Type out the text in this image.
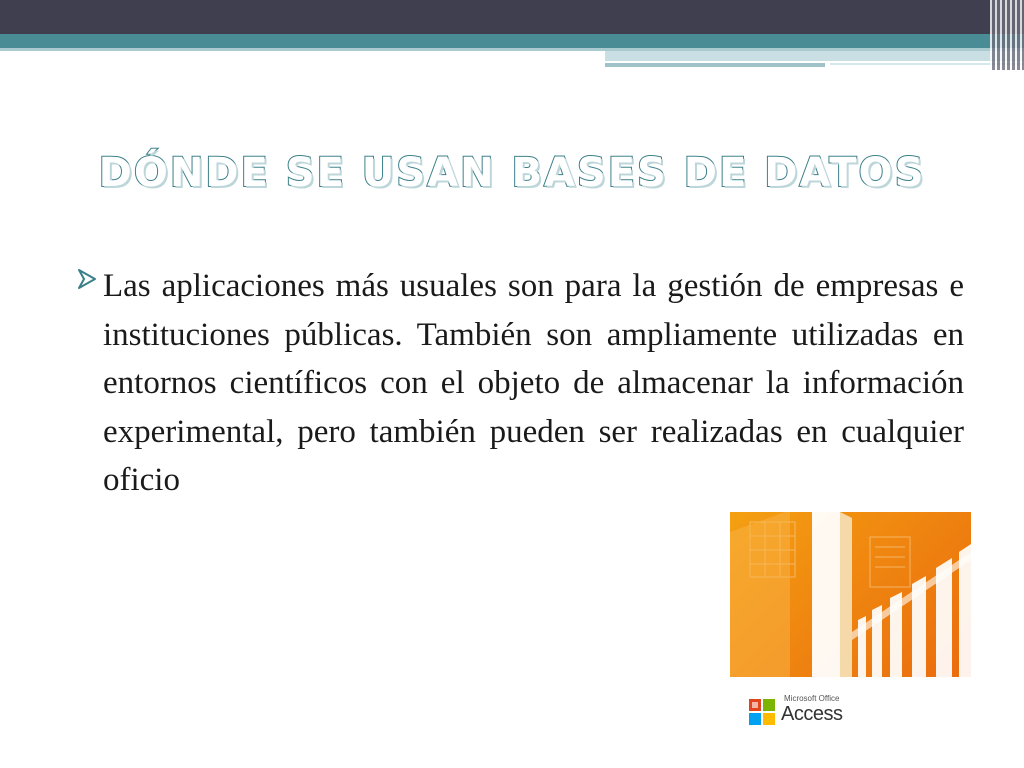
DÓNDE SE USAN BASES DE DATOS

Las aplicaciones más usuales son para la gestión de empresas e instituciones públicas. También son ampliamente utilizadas en entornos científicos con el objeto de almacenar la información experimental, pero también pueden ser realizadas en cualquier oficio

Microsoft Office
Access
